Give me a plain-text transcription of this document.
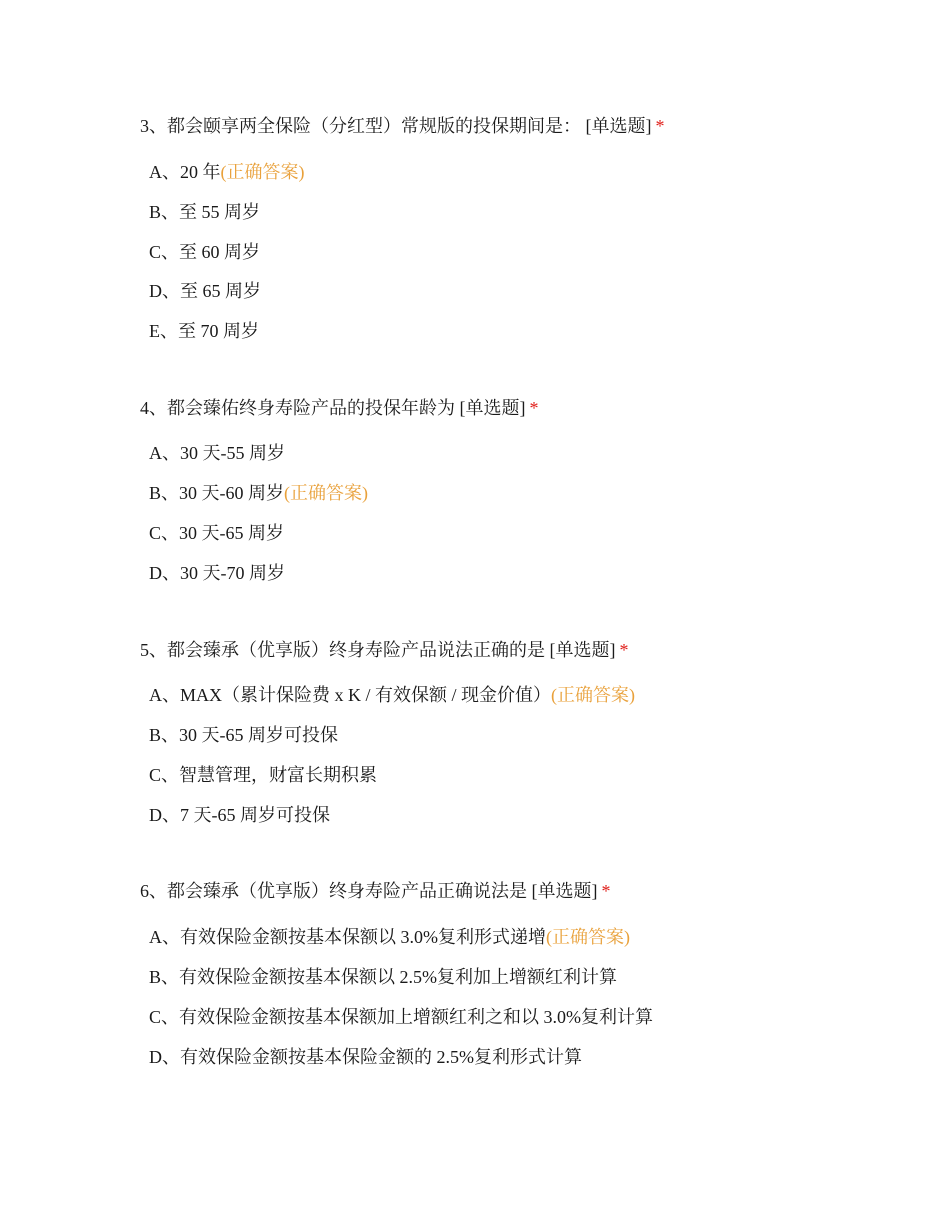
3、都会颐享两全保险（分红型）常规版的投保期间是： [单选题] *
A、20 年(正确答案)
B、至 55 周岁
C、至 60 周岁
D、至 65 周岁
E、至 70 周岁
4、都会臻佑终身寿险产品的投保年龄为 [单选题] *
A、30 天-55 周岁
B、30 天-60 周岁(正确答案)
C、30 天-65 周岁
D、30 天-70 周岁
5、都会臻承（优享版）终身寿险产品说法正确的是 [单选题] *
A、MAX（累计保险费 x K / 有效保额 / 现金价值）(正确答案)
B、30 天-65 周岁可投保
C、智慧管理，财富长期积累
D、7 天-65 周岁可投保
6、都会臻承（优享版）终身寿险产品正确说法是 [单选题] *
A、有效保险金额按基本保额以 3.0%复利形式递增(正确答案)
B、有效保险金额按基本保额以 2.5%复利加上增额红利计算
C、有效保险金额按基本保额加上增额红利之和以 3.0%复利计算
D、有效保险金额按基本保险金额的 2.5%复利形式计算
